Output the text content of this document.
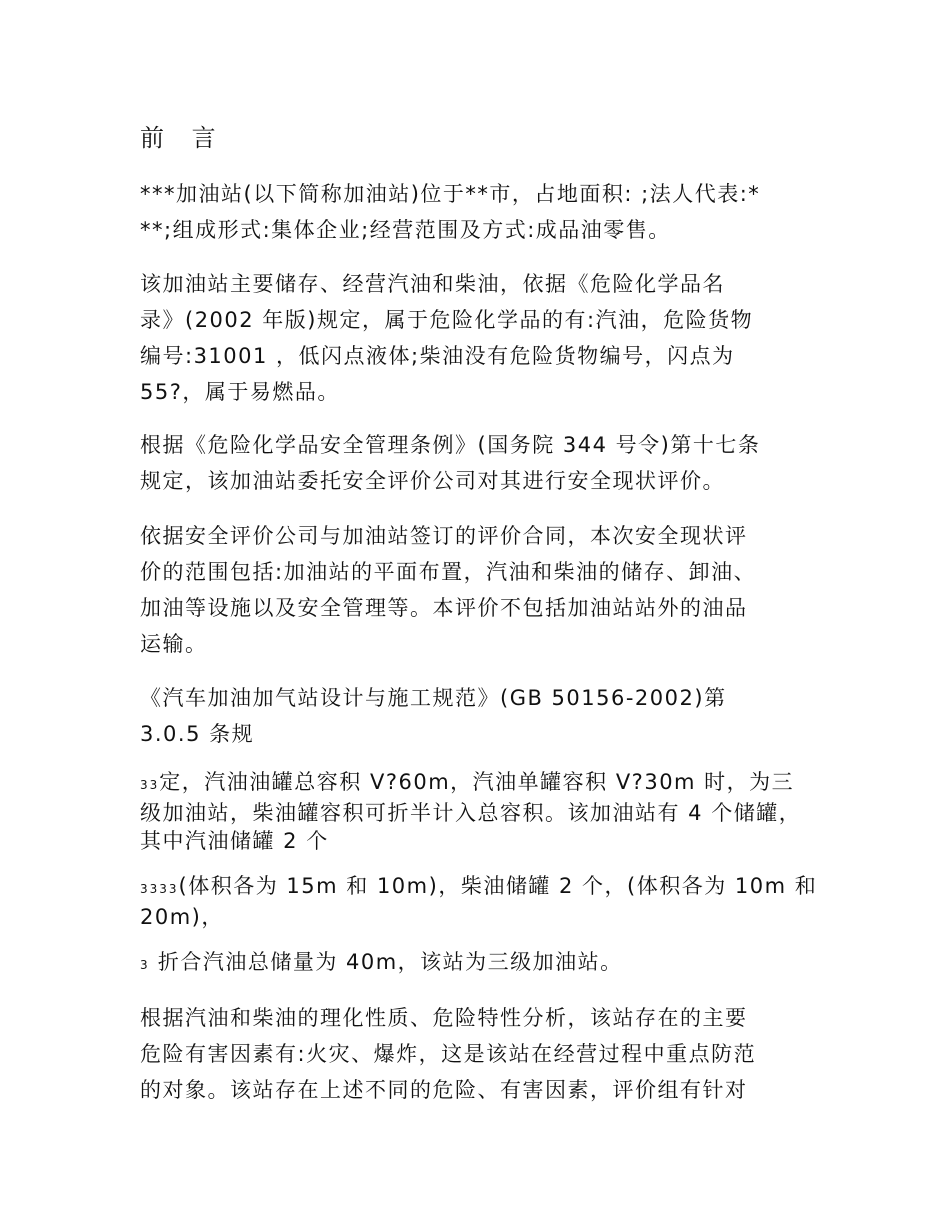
前 言
***加油站(以下简称加油站)位于**市，占地面积: ;法人代表:*
**;组成形式:集体企业;经营范围及方式:成品油零售。
该加油站主要储存、经营汽油和柴油，依据《危险化学品名
录》(2002 年版)规定，属于危险化学品的有:汽油，危险货物
编号:31001 ，低闪点液体;柴油没有危险货物编号，闪点为
55?，属于易燃品。
根据《危险化学品安全管理条例》(国务院 344 号令)第十七条
规定，该加油站委托安全评价公司对其进行安全现状评价。
依据安全评价公司与加油站签订的评价合同，本次安全现状评
价的范围包括:加油站的平面布置，汽油和柴油的储存、卸油、
加油等设施以及安全管理等。本评价不包括加油站站外的油品
运输。
《汽车加油加气站设计与施工规范》(GB 50156-2002)第
3.0.5 条规
33定，汽油油罐总容积 V?60m，汽油单罐容积 V?30m 时，为三
级加油站，柴油罐容积可折半计入总容积。该加油站有 4 个储罐，
其中汽油储罐 2 个
3333(体积各为 15m 和 10m)，柴油储罐 2 个，(体积各为 10m 和
20m)，
3 折合汽油总储量为 40m，该站为三级加油站。
根据汽油和柴油的理化性质、危险特性分析，该站存在的主要
危险有害因素有:火灾、爆炸，这是该站在经营过程中重点防范
的对象。该站存在上述不同的危险、有害因素，评价组有针对
